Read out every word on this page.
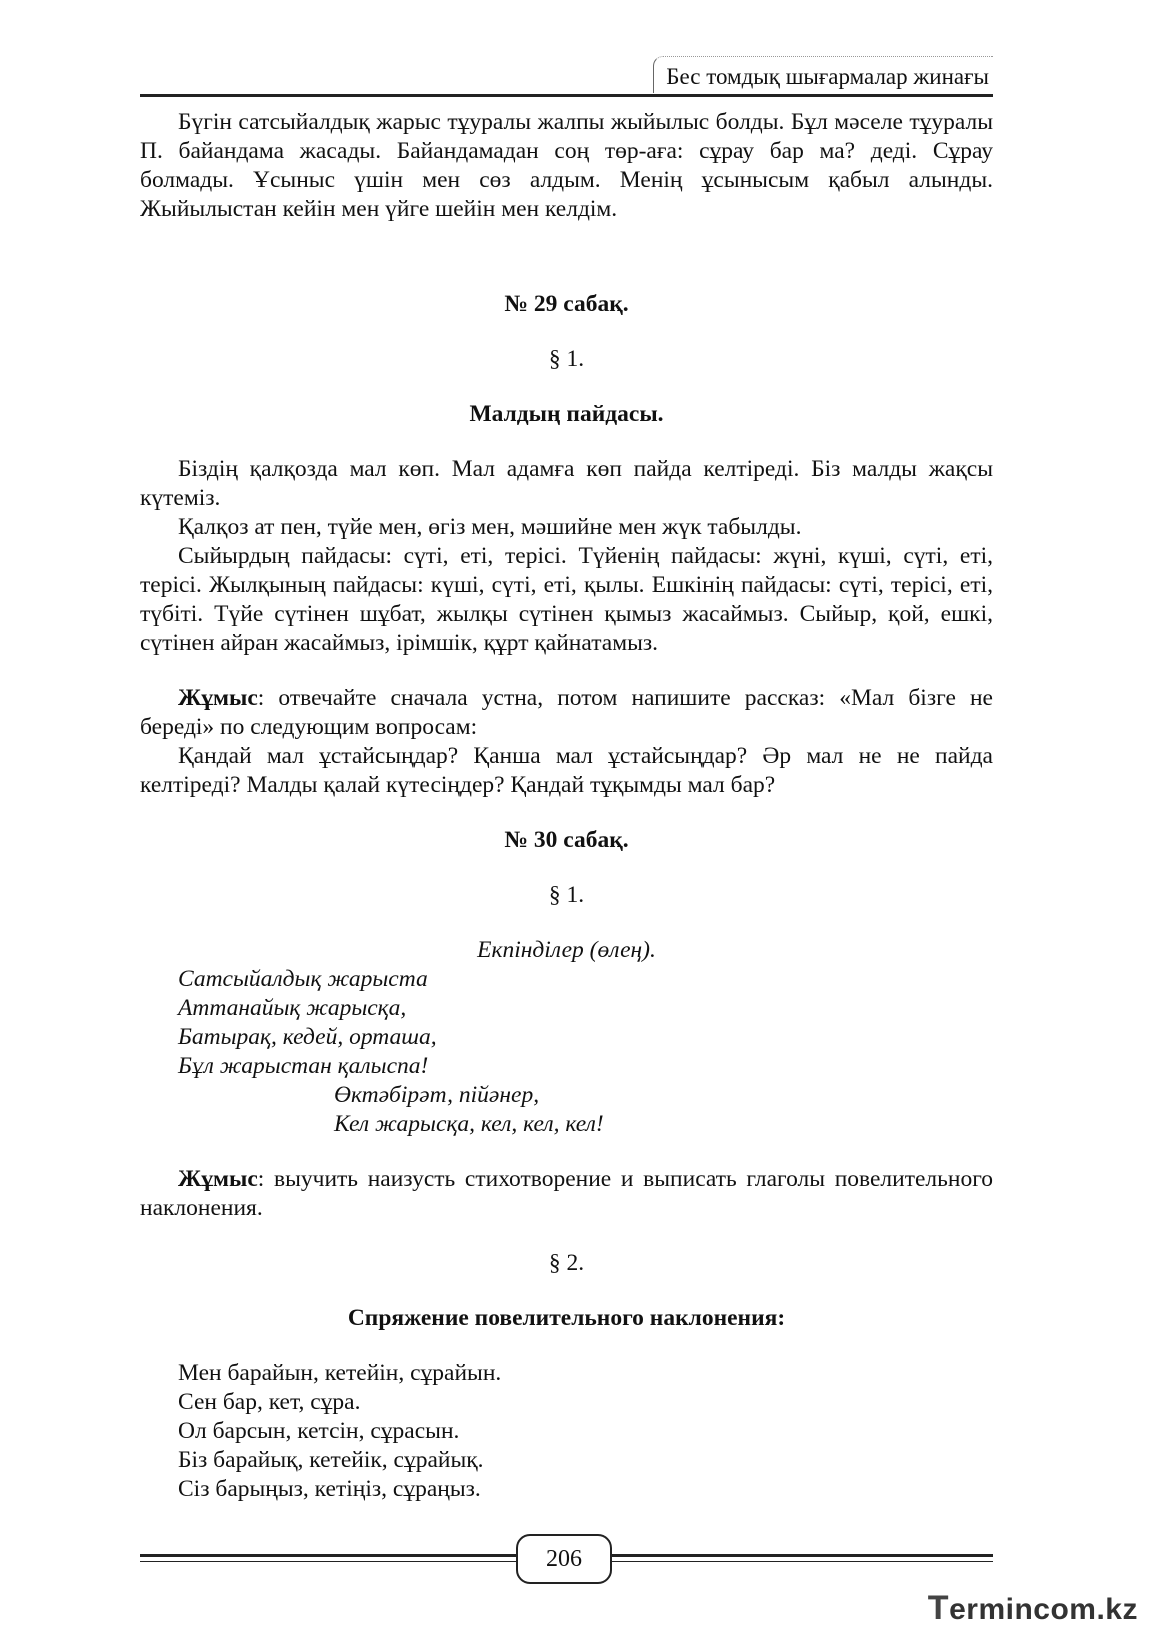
Бес томдық шығармалар жинағы

Бүгін сатсыйалдық жарыс тұуралы жалпы жыйылыс болды. Бұл мәселе тұуралы П. байандама жасады. Байандамадан соң төр-аға: сұрау бар ма? деді. Сұрау болмады. Ұсыныс үшін мен сөз алдым. Менің ұсынысым қабыл алынды. Жыйылыстан кейін мен үйге шейін мен келдім.

№ 29 сабақ.

§ 1.

Малдың пайдасы.

Біздің қалқозда мал көп. Мал адамға көп пайда келтіреді. Біз малды жақсы күтеміз.

Қалқоз ат пен, түйе мен, өгіз мен, мәшийне мен жүк табылды.

Сыйырдың пайдасы: сүті, еті, терісі. Түйенің пайдасы: жүні, күші, сүті, еті, терісі. Жылқының пайдасы: күші, сүті, еті, қылы. Ешкінің пайдасы: сүті, терісі, еті, түбіті. Түйе сүтінен шұбат, жылқы сүтінен қымыз жасаймыз. Сыйыр, қой, ешкі, сүтінен айран жасаймыз, ірімшік, құрт қайнатамыз.

Жұмыс: отвечайте сначала устна, потом напишите рассказ: «Мал бізге не береді» по следующим вопросам:

Қандай мал ұстайсыңдар? Қанша мал ұстайсыңдар? Әр мал не не пайда келтіреді? Малды қалай күтесіңдер? Қандай тұқымды мал бар?

№ 30 сабақ.

§ 1.

Екпінділер (өлең).

Сатсыйалдық жарыста
Аттанайық жарысқа,
Батырақ, кедей, орташа,
Бұл жарыстан қалыспа!
Өктәбірәт, пійәнер,
Кел жарысқа, кел, кел, кел!

Жұмыс: выучить наизусть стихотворение и выписать глаголы повелительного наклонения.

§ 2.

Спряжение повелительного наклонения:

Мен барайын, кетейін, сұрайын.
Сен бар, кет, сұра.
Ол барсын, кетсін, сұрасын.
Біз барайық, кетейік, сұрайық.
Сіз барыңыз, кетіңіз, сұраңыз.
206
Termincom.kz
